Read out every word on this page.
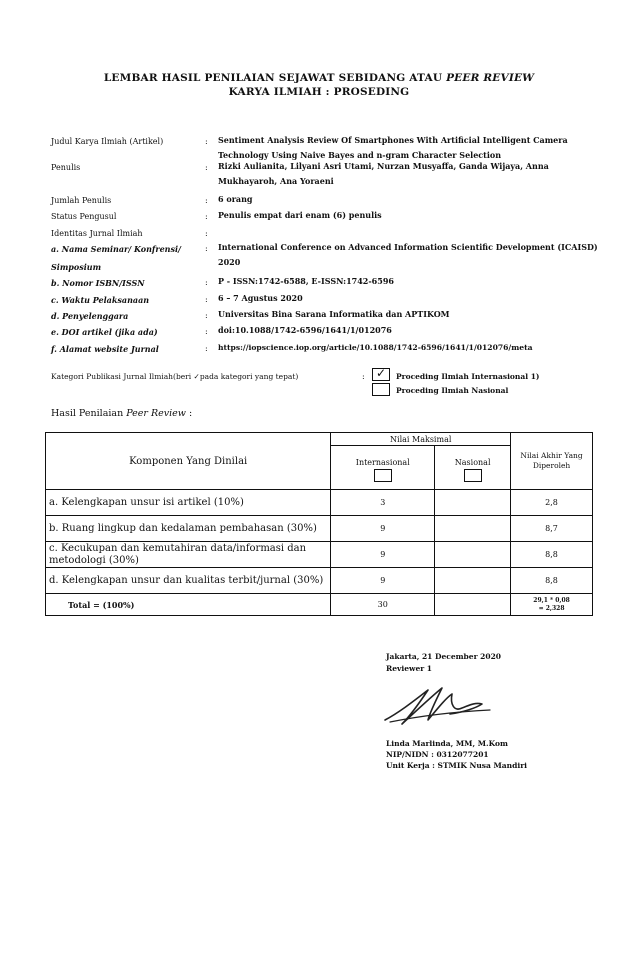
LEMBAR HASIL PENILAIAN SEJAWAT SEBIDANG ATAU PEER REVIEW
KARYA ILMIAH : PROSEDING
Judul Karya Ilmiah (Artikel)	: Sentiment Analysis Review Of Smartphones With Artificial Intelligent Camera Technology Using Naive Bayes and n-gram Character Selection
Penulis	: Rizki Aulianita, Lilyani Asri Utami, Nurzan Musyaffa, Ganda Wijaya, Anna Mukhayaroh, Ana Yoraeni
Jumlah Penulis	: 6 orang
Status Pengusul	: Penulis empat dari enam (6) penulis
Identitas Jurnal Ilmiah	:
a. Nama Seminar/ Konfrensi/ Simposium
: International Conference on Advanced Information Scientific Development (ICAISD) 2020
b. Nomor ISBN/ISSN	: P - ISSN:1742-6588, E-ISSN:1742-6596
c. Waktu Pelaksanaan	: 6 – 7 Agustus 2020
d. Penyelenggara	: Universitas Bina Sarana Informatika dan APTIKOM
e. DOI artikel (jika ada)	: doi:10.1088/1742-6596/1641/1/012076
f. Alamat website Jurnal	: https://iopscience.iop.org/article/10.1088/1742-6596/1641/1/012076/meta
Kategori Publikasi Jurnal Ilmiah(beri ✓pada kategori yang tepat)	: ✓ Proceding Ilmiah Internasional 1)
Proceding Ilmiah Nasional
Hasil Penilaian Peer Review :
Komponen Yang Dinilai	Nilai Maksimal		Nilai Akhir Yang Diperoleh

	Internasional	Nasional	

a. Kelengkapan unsur isi artikel (10%)	3		2,8
b. Ruang lingkup dan kedalaman pembahasan (30%)	9		8,7
c. Kecukupan dan kemutahiran data/informasi dan metodologi (30%)	9		8,8
d. Kelengkapan unsur dan kualitas terbit/jurnal (30%)	9		8,8
Total = (100%)	30		29,1 * 0,08
= 2,328
Jakarta, 21 December 2020
Reviewer 1
Linda Marlinda, MM, M.Kom
NIP/NIDN : 0312077201
Unit Kerja : STMIK Nusa Mandiri
